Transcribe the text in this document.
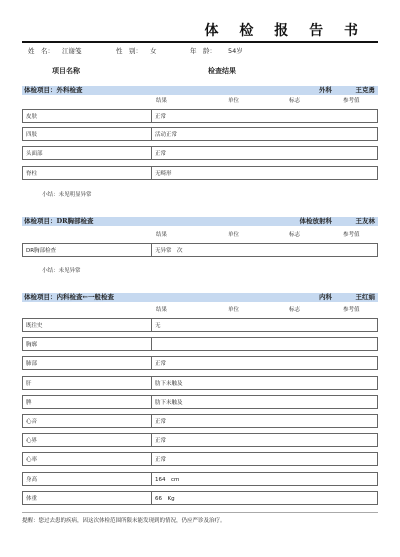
体 检 报 告 书
姓　名： 江谢笺	性　别： 女	年　龄： 54岁
项目名称	检查结果
体检项目：外科检查	外科	王克勇
结果	单位	标志	参考值
皮肤	正常
四肢	活动正常
头面部	正常
脊柱	无畸形
小结：未见明显异常
体检项目：DR胸部检查	体检放射科	王友林
结果	单位	标志	参考值
DR胸部检查	无异常　次
小结：未见异常
体检项目：内科检查←一般检查	内科	王红娟
结果	单位	标志	参考值
既往史	无
胸廓
肺部	正常
肝	肋下未触及
脾	肋下未触及
心音	正常
心界	正常
心率	正常
身高	164　cm
体重	66　Kg
提醒：您过去患的疾病，因这次体检范围所限未能发现到的情况，仍应严诊及治疗。
